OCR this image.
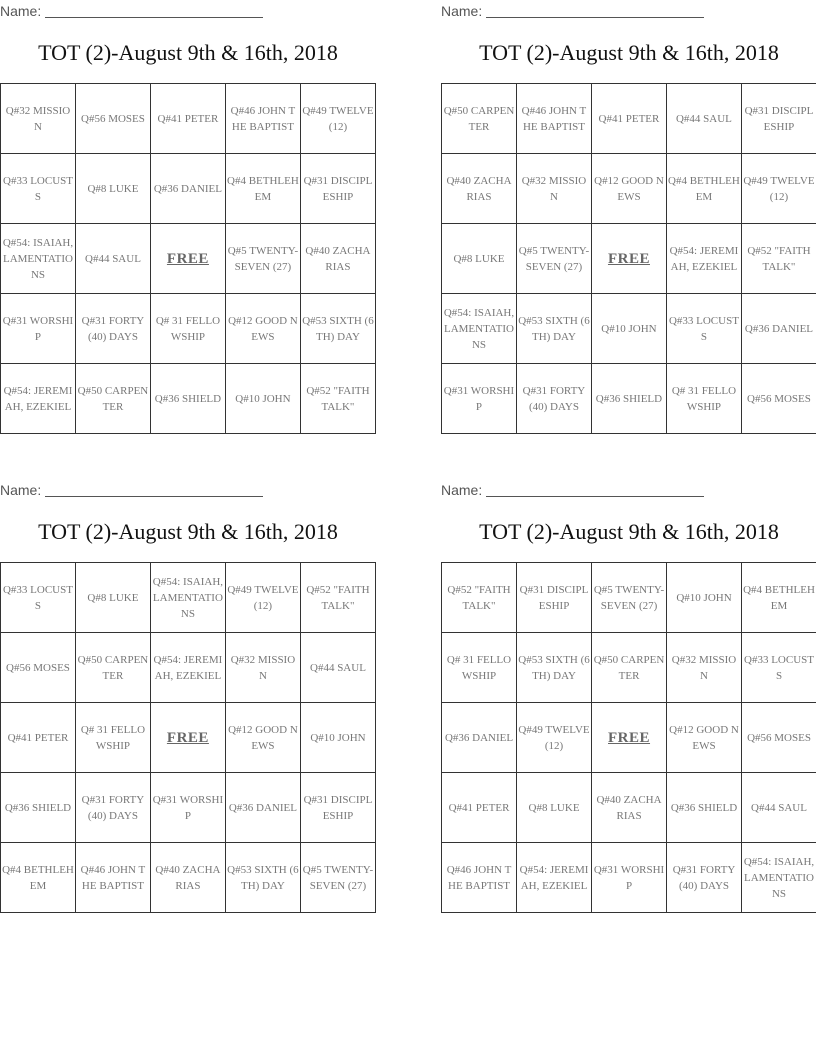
Name:
TOT (2)-August 9th & 16th, 2018
Q#32 MISSION	Q#56 MOSES	Q#41 PETER	Q#46 JOHN THE BAPTIST	Q#49 TWELVE (12)
Q#33 LOCUSTS	Q#8 LUKE	Q#36 DANIEL	Q#4 BETHLEHEM	Q#31 DISCIPLESHIP
Q#54: ISAIAH, LAMENTATIONS	Q#44 SAUL	FREE	Q#5 TWENTY-SEVEN (27)	Q#40 ZACHARIAS
Q#31 WORSHIP	Q#31 FORTY (40) DAYS	Q# 31 FELLOWSHIP	Q#12 GOOD NEWS	Q#53 SIXTH (6TH) DAY
Q#54: JEREMIAH, EZEKIEL	Q#50 CARPENTER	Q#36 SHIELD	Q#10 JOHN	Q#52 "FAITH TALK"
Name:
TOT (2)-August 9th & 16th, 2018
Q#50 CARPENTER	Q#46 JOHN THE BAPTIST	Q#41 PETER	Q#44 SAUL	Q#31 DISCIPLESHIP
Q#40 ZACHARIAS	Q#32 MISSION	Q#12 GOOD NEWS	Q#4 BETHLEHEM	Q#49 TWELVE (12)
Q#8 LUKE	Q#5 TWENTY-SEVEN (27)	FREE	Q#54: JEREMIAH, EZEKIEL	Q#52 "FAITH TALK"
Q#54: ISAIAH, LAMENTATIONS	Q#53 SIXTH (6TH) DAY	Q#10 JOHN	Q#33 LOCUSTS	Q#36 DANIEL
Q#31 WORSHIP	Q#31 FORTY (40) DAYS	Q#36 SHIELD	Q# 31 FELLOWSHIP	Q#56 MOSES
Name:
TOT (2)-August 9th & 16th, 2018
Q#33 LOCUSTS	Q#8 LUKE	Q#54: ISAIAH, LAMENTATIONS	Q#49 TWELVE (12)	Q#52 "FAITH TALK"
Q#56 MOSES	Q#50 CARPENTER	Q#54: JEREMIAH, EZEKIEL	Q#32 MISSION	Q#44 SAUL
Q#41 PETER	Q# 31 FELLOWSHIP	FREE	Q#12 GOOD NEWS	Q#10 JOHN
Q#36 SHIELD	Q#31 FORTY (40) DAYS	Q#31 WORSHIP	Q#36 DANIEL	Q#31 DISCIPLESHIP
Q#4 BETHLEHEM	Q#46 JOHN THE BAPTIST	Q#40 ZACHARIAS	Q#53 SIXTH (6TH) DAY	Q#5 TWENTY-SEVEN (27)
Name:
TOT (2)-August 9th & 16th, 2018
Q#52 "FAITH TALK"	Q#31 DISCIPLESHIP	Q#5 TWENTY-SEVEN (27)	Q#10 JOHN	Q#4 BETHLEHEM
Q# 31 FELLOWSHIP	Q#53 SIXTH (6TH) DAY	Q#50 CARPENTER	Q#32 MISSION	Q#33 LOCUSTS
Q#36 DANIEL	Q#49 TWELVE (12)	FREE	Q#12 GOOD NEWS	Q#56 MOSES
Q#41 PETER	Q#8 LUKE	Q#40 ZACHARIAS	Q#36 SHIELD	Q#44 SAUL
Q#46 JOHN THE BAPTIST	Q#54: JEREMIAH, EZEKIEL	Q#31 WORSHIP	Q#31 FORTY (40) DAYS	Q#54: ISAIAH, LAMENTATIONS
